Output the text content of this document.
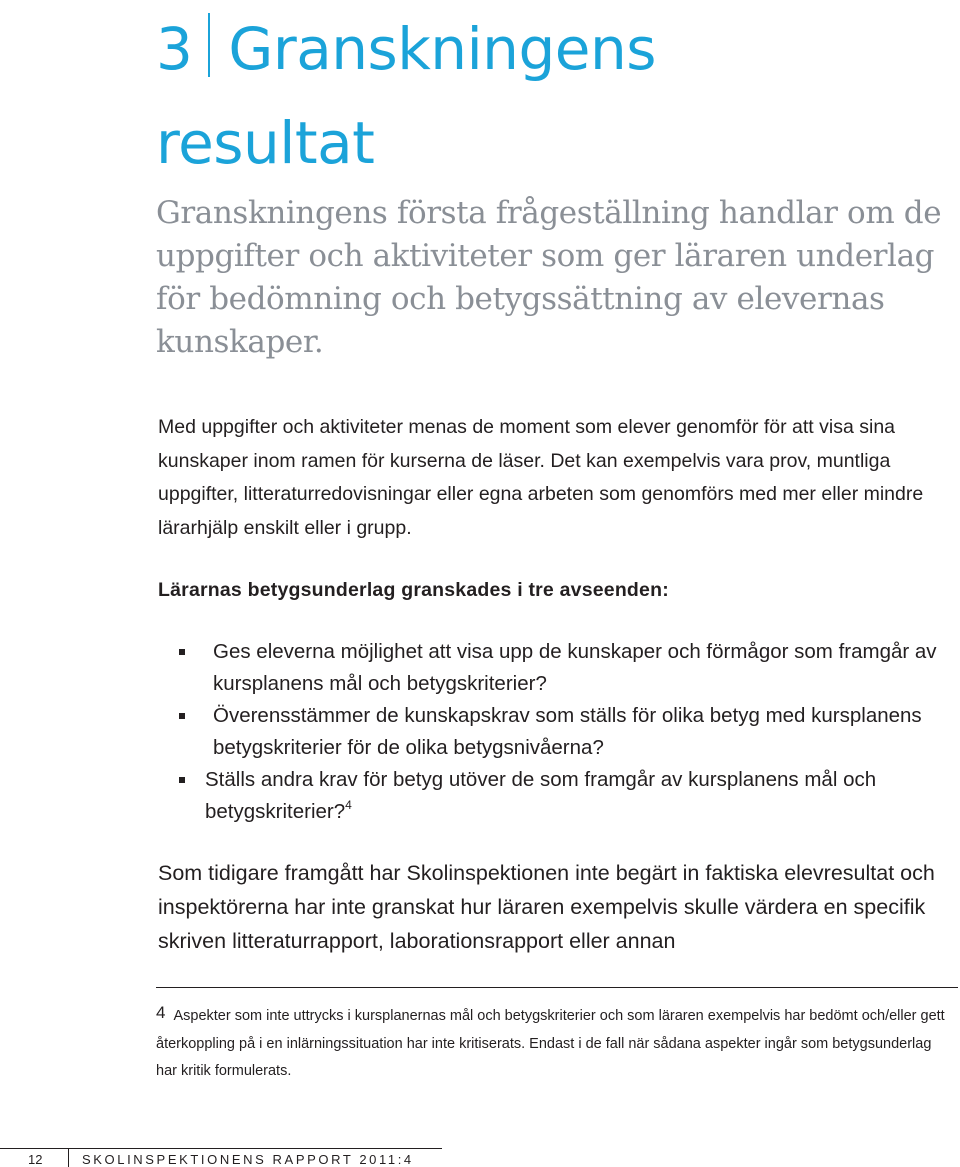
3 Granskningens
resultat

Granskningens första frågeställning handlar om de uppgifter och aktiviteter som ger läraren underlag för bedömning och betygssättning av elevernas kunskaper.

Med uppgifter och aktiviteter menas de moment som elever genomför för att visa sina kunskaper inom ramen för kurserna de läser. Det kan exempelvis vara prov, muntliga uppgifter, litteraturredovisningar eller egna arbeten som genomförs med mer eller mindre lärarhjälp enskilt eller i grupp.

Lärarnas betygsunderlag granskades i tre avseenden:

Ges eleverna möjlighet att visa upp de kunskaper och förmågor som framgår av kursplanens mål och betygskriterier?
Överensstämmer de kunskapskrav som ställs för olika betyg med kursplanens betygskriterier för de olika betygsnivåerna?
Ställs andra krav för betyg utöver de som framgår av kursplanens mål och betygskriterier?$^4$

Som tidigare framgått har Skolinspektionen inte begärt in faktiska elevresultat och inspektörerna har inte granskat hur läraren exempelvis skulle värdera en specifik skriven litteraturrapport, laborationsrapport eller annan

4 Aspekter som inte uttrycks i kursplanernas mål och betygskriterier och som läraren exempelvis har bedömt och/eller gett återkoppling på i en inlärningssituation har inte kritiserats. Endast i de fall när sådana aspekter ingår som betygsunderlag har kritik formulerats.

12	SKOLINSPEKTIONENS RAPPORT 2011:4
